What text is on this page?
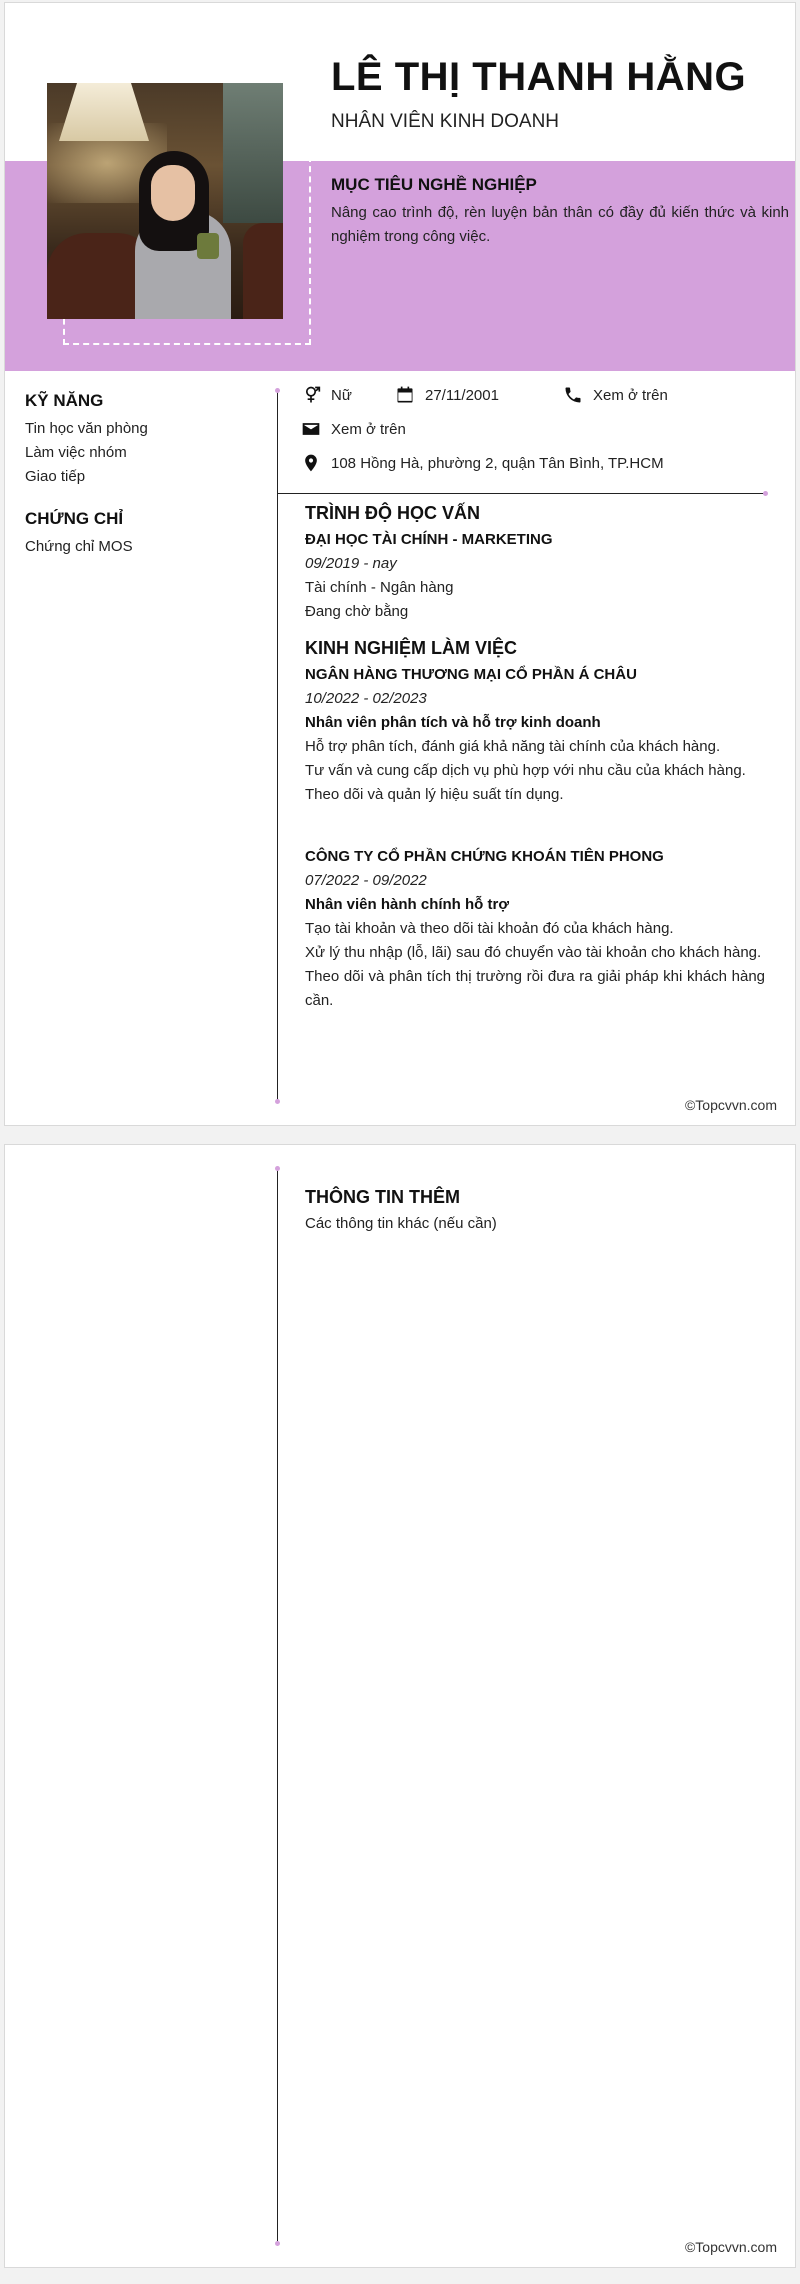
LÊ THỊ THANH HẰNG
NHÂN VIÊN KINH DOANH
MỤC TIÊU NGHỀ NGHIỆP
Nâng cao trình độ, rèn luyện bản thân có đầy đủ kiến thức và kinh nghiệm trong công việc.
KỸ NĂNG
Tin học văn phòng
Làm việc nhóm
Giao tiếp
CHỨNG CHỈ
Chứng chỉ MOS
Nữ	27/11/2001	Xem ở trên
Xem ở trên
108 Hồng Hà, phường 2, quận Tân Bình, TP.HCM
TRÌNH ĐỘ HỌC VẤN
ĐẠI HỌC TÀI CHÍNH - MARKETING
09/2019 - nay
Tài chính - Ngân hàng
Đang chờ bằng
KINH NGHIỆM LÀM VIỆC
NGÂN HÀNG THƯƠNG MẠI CỔ PHẦN Á CHÂU
10/2022 - 02/2023
Nhân viên phân tích và hỗ trợ kinh doanh
Hỗ trợ phân tích, đánh giá khả năng tài chính của khách hàng.
Tư vấn và cung cấp dịch vụ phù hợp với nhu cầu của khách hàng.
Theo dõi và quản lý hiệu suất tín dụng.
CÔNG TY CỔ PHẦN CHỨNG KHOÁN TIÊN PHONG
07/2022 - 09/2022
Nhân viên hành chính hỗ trợ
Tạo tài khoản và theo dõi tài khoản đó của khách hàng.
Xử lý thu nhập (lỗ, lãi) sau đó chuyển vào tài khoản cho khách hàng.
Theo dõi và phân tích thị trường rồi đưa ra giải pháp khi khách hàng cần.
©Topcvvn.com
THÔNG TIN THÊM
Các thông tin khác (nếu cần)
©Topcvvn.com
